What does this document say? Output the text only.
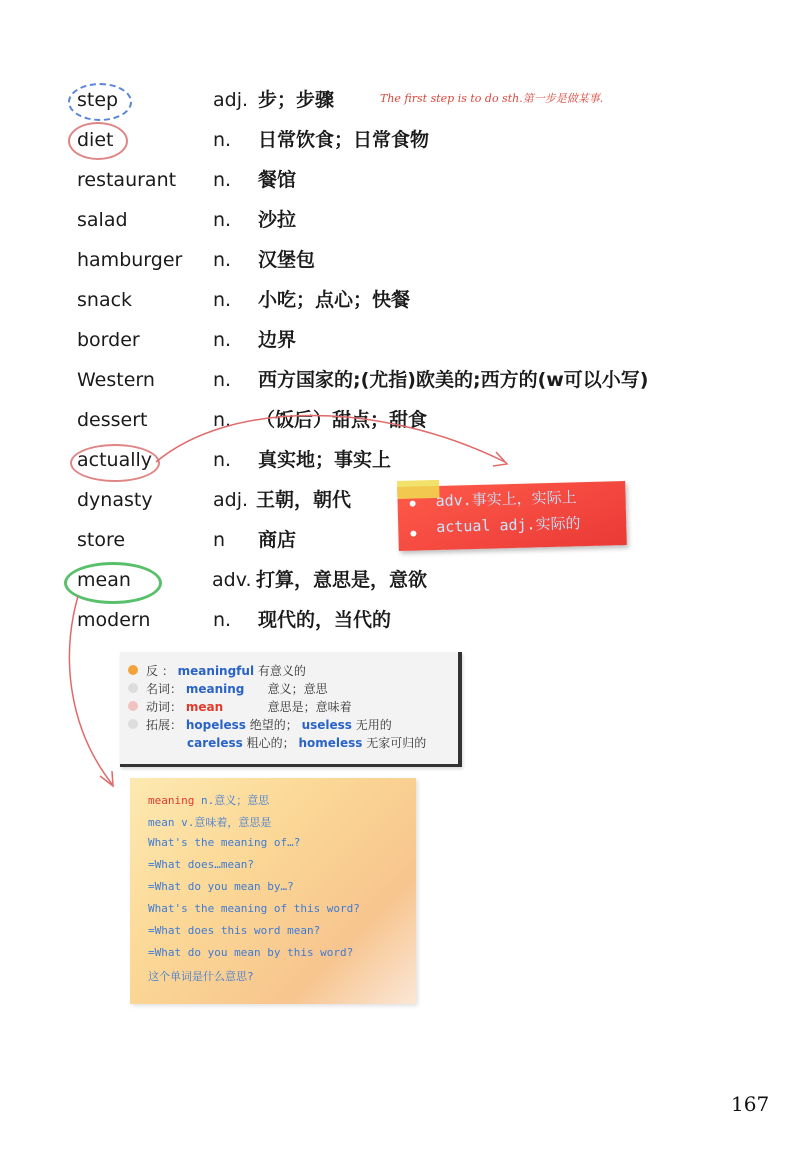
step	adj. 步；步骤
diet	n. 日常饮食；日常食物
restaurant n. 餐馆
salad	n. 沙拉
hamburger n. 汉堡包
snack	n. 小吃；点心；快餐
border	n. 边界
Western	n. 西方国家的;(尤指)欧美的;西方的(w可以小写)
dessert	n. （饭后）甜点；甜食
actually	n. 真实地；事实上
dynasty	adj. 王朝，朝代
store	n 商店
mean	adv. 打算，意思是，意欲
modern	n. 现代的，当代的
The first step is to do sth.第一步是做某事.
adv.事实上，实际上
actual adj.实际的
反 ： meaningful 有意义的
名词： meaning 意义；意思
动词： mean	意思是；意味着
拓展： hopeless 绝望的； useless 无用的
careless 粗心的； homeless 无家可归的
meaning n.意义；意思
mean v.意味着，意思是
What's the meaning of…?
=What does…mean?
=What do you mean by…?
What's the meaning of this word?
=What does this word mean?
=What do you mean by this word?
这个单词是什么意思?
167
